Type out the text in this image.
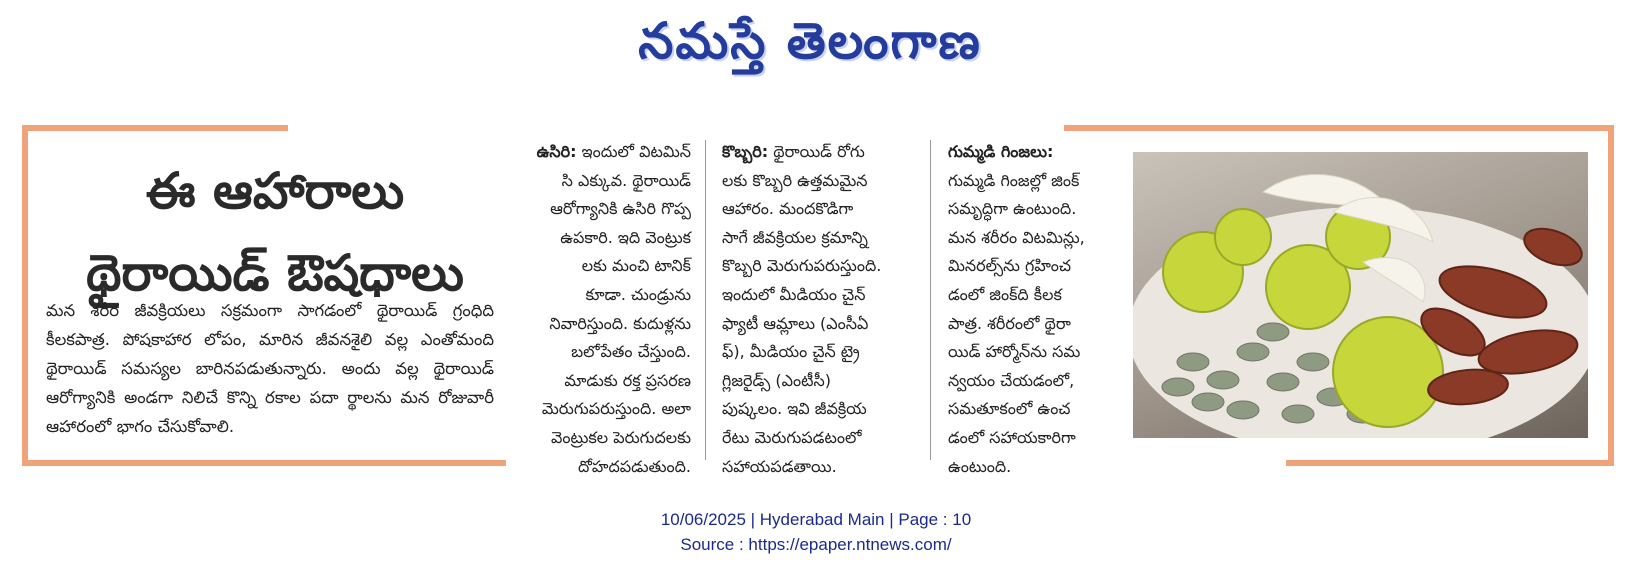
నమస్తే తెలంగాణ
ఈ ఆహారాలు
థైరాయిడ్ ఔషధాలు
మన శరీర జీవక్రియలు సక్రమంగా సాగడంలో థైరాయిడ్ గ్రంధిది కీలకపాత్ర. పోషకాహార లోపం, మారిన జీవనశైలి వల్ల ఎంతోమంది థైరాయిడ్ సమస్యల బారినపడుతున్నారు. అందు వల్ల థైరాయిడ్ ఆరోగ్యానికి అండగా నిలిచే కొన్ని రకాల పదా ర్థాలను మన రోజువారీ ఆహారంలో భాగం చేసుకోవాలి.
ఉసిరి: ఇందులో విటమిన్
సి ఎక్కువ. థైరాయిడ్
ఆరోగ్యానికి ఉసిరి గొప్ప
ఉపకారి. ఇది వెంట్రుక
లకు మంచి టానిక్
కూడా. చుండ్రును
నివారిస్తుంది. కుదుళ్లను
బలోపేతం చేస్తుంది.
మాడుకు రక్త ప్రసరణ
మెరుగుపరుస్తుంది. అలా
వెంట్రుకల పెరుగుదలకు
దోహదపడుతుంది.
కొబ్బరి: థైరాయిడ్ రోగు
లకు కొబ్బరి ఉత్తమమైన
ఆహారం. మందకొడిగా
సాగే జీవక్రియల క్రమాన్ని
కొబ్బరి మెరుగుపరుస్తుంది.
ఇందులో మీడియం చైన్
ఫ్యాటీ ఆమ్లాలు (ఎంసీఏ
ఫ్), మీడియం చైన్ ట్రై
గ్లిజరైడ్స్ (ఎంటీసీ)
పుష్కలం. ఇవి జీవక్రియ
రేటు మెరుగుపడటంలో
సహాయపడతాయి.
గుమ్మడి గింజలు:
గుమ్మడి గింజల్లో జింక్
సమృద్ధిగా ఉంటుంది.
మన శరీరం విటమిన్లు,
మినరల్స్‌ను గ్రహించ
డంలో జింక్‌ది కీలక
పాత్ర. శరీరంలో థైరా
యిడ్ హార్మోన్‌ను సమ
న్వయం చేయడంలో,
సమతూకంలో ఉంచ
డంలో సహాయకారిగా
ఉంటుంది.
10/06/2025 | Hyderabad Main | Page : 10
Source : https://epaper.ntnews.com/
